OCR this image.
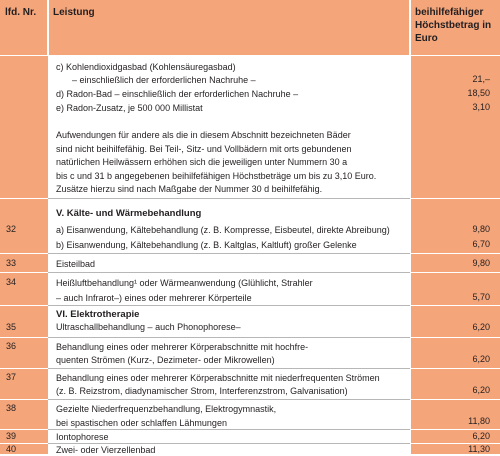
lfd. Nr.	Leistung	beihilfefähiger Höchstbetrag in Euro
c) Kohlendioxidgasbad (Kohlensäuregasbad)
– einschließlich der erforderlichen Nachruhe –	21,–
d) Radon-Bad – einschließlich der erforderlichen Nachruhe –	18,50
e) Radon-Zusatz, je 500 000 Millistat	3,10
Aufwendungen für andere als die in diesem Abschnitt bezeichneten Bäder
sind nicht beihilfefähig. Bei Teil-, Sitz- und Vollbädern mit orts gebundenen
natürlichen Heilwässern erhöhen sich die jeweiligen unter Nummern 30 a
bis c und 31 b angegebenen beihilfefähigen Höchstbeträge um bis zu 3,10 Euro.
Zusätze hierzu sind nach Maßgabe der Nummer 30 d beihilfefähig.
V. Kälte- und Wärmebehandlung
32	a) Eisanwendung, Kältebehandlung (z. B. Kompresse, Eisbeutel, direkte Abreibung)	9,80
b) Eisanwendung, Kältebehandlung (z. B. Kaltglas, Kaltluft) großer Gelenke	6,70
33	Eisteilbad	9,80
34	Heißluftbehandlung¹ oder Wärmeanwendung (Glühlicht, Strahler
– auch Infrarot–) eines oder mehrerer Körperteile	5,70
VI. Elektrotherapie
35	Ultraschallbehandlung – auch Phonophorese–	6,20
36	Behandlung eines oder mehrerer Körperabschnitte mit hochfre-
quenten Strömen (Kurz-, Dezimeter- oder Mikrowellen)	6,20
37	Behandlung eines oder mehrerer Körperabschnitte mit niederfrequenten Strömen
(z. B. Reizstrom, diadynamischer Strom, Interferenzstrom, Galvanisation)	6,20
38	Gezielte Niederfrequenzbehandlung, Elektrogymnastik,
bei spastischen oder schlaffen Lähmungen	11,80
39	Iontophorese	6,20
40	Zwei- oder Vierzellenbad	11,30
